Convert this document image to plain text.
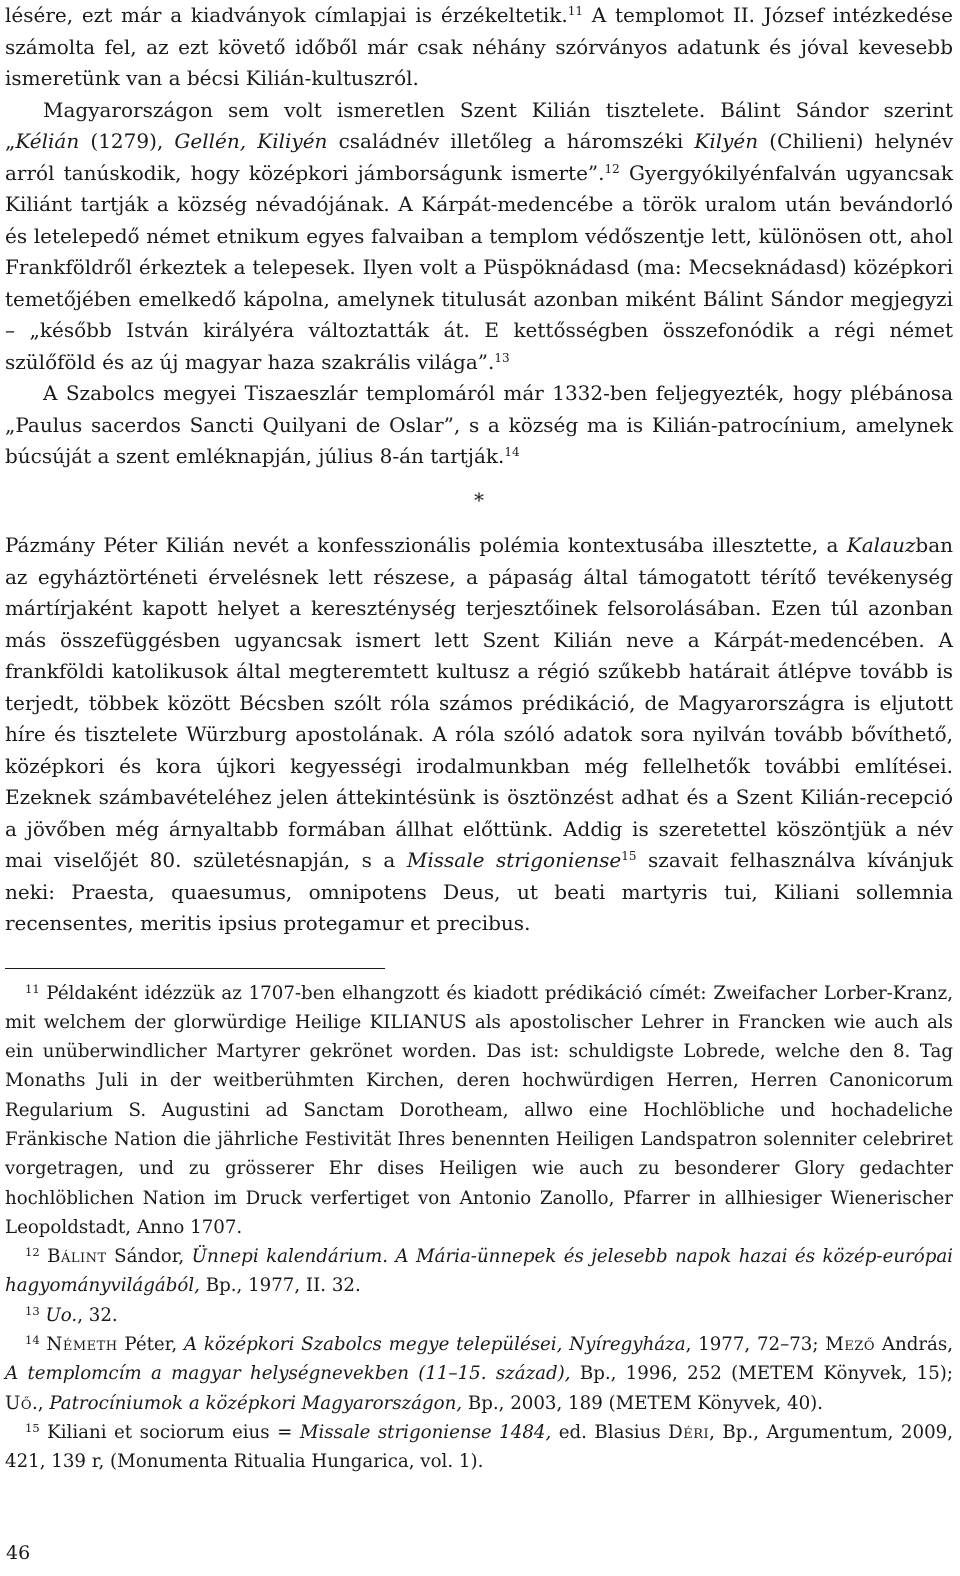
lésére, ezt már a kiadványok címlapjai is érzékeltetik.$^{11}$ A templomot II. József intézkedése számolta fel, az ezt követő időből már csak néhány szórványos adatunk és jóval kevesebb ismeretünk van a bécsi Kilián-kultuszról.

Magyarországon sem volt ismeretlen Szent Kilián tisztelete. Bálint Sándor szerint „Kélián (1279), Gellén, Kiliyén családnév illetőleg a háromszéki Kilyén (Chilieni) helynév arról tanúskodik, hogy középkori jámborságunk ismerte”.$^{12}$ Gyergyókilyénfalván ugyancsak Kiliánt tartják a község névadójának. A Kárpát-medencébe a török uralom után bevándorló és letelepedő német etnikum egyes falvaiban a templom védőszentje lett, különösen ott, ahol Frankföldről érkeztek a telepesek. Ilyen volt a Püspöknádasd (ma: Mecseknádasd) középkori temetőjében emelkedő kápolna, amelynek titulusát azonban miként Bálint Sándor megjegyzi – „később István királyéra változtatták át. E kettősségben összefonódik a régi német szülőföld és az új magyar haza szakrális világa”.$^{13}$

A Szabolcs megyei Tiszaeszlár templomáról már 1332-ben feljegyezték, hogy plébánosa „Paulus sacerdos Sancti Quilyani de Oslar”, s a község ma is Kilián-patrocínium, amelynek búcsúját a szent emléknapján, július 8-án tartják.$^{14}$

*

Pázmány Péter Kilián nevét a konfesszionális polémia kontextusába illesztette, a Kalauzban az egyháztörténeti érvelésnek lett részese, a pápaság által támogatott térítő tevékenység mártírjaként kapott helyet a kereszténység terjesztőinek felsorolásában. Ezen túl azonban más összefüggésben ugyancsak ismert lett Szent Kilián neve a Kárpát-medencében. A frankföldi katolikusok által megteremtett kultusz a régió szűkebb határait átlépve tovább is terjedt, többek között Bécsben szólt róla számos prédikáció, de Magyarországra is eljutott híre és tisztelete Würzburg apostolának. A róla szóló adatok sora nyilván tovább bővíthető, középkori és kora újkori kegyességi irodalmunkban még fellelhetők további említései. Ezeknek számbavételéhez jelen áttekintésünk is ösztönzést adhat és a Szent Kilián-recepció a jövőben még árnyaltabb formában állhat előttünk. Addig is szeretettel köszöntjük a név mai viselőjét 80. születésnapján, s a Missale strigoniense$^{15}$ szavait felhasználva kívánjuk neki: Praesta, quaesumus, omnipotens Deus, ut beati martyris tui, Kiliani sollemnia recensentes, meritis ipsius protegamur et precibus.

$^{11}$ Példaként idézzük az 1707-ben elhangzott és kiadott prédikáció címét: Zweifacher Lorber-Kranz, mit welchem der glorwürdige Heilige KILIANUS als apostolischer Lehrer in Francken wie auch als ein unüberwindlicher Martyrer gekrönet worden. Das ist: schuldigste Lobrede, welche den 8. Tag Monaths Juli in der weitberühmten Kirchen, deren hochwürdigen Herren, Herren Canonicorum Regularium S. Augustini ad Sanctam Dorotheam, allwo eine Hochlöbliche und hochadeliche Fränkische Nation die jährliche Festivität Ihres benennten Heiligen Landspatron solenniter celebriret vorgetragen, und zu grösserer Ehr dises Heiligen wie auch zu besonderer Glory gedachter hochlöblichen Nation im Druck verfertiget von Antonio Zanollo, Pfarrer in allhiesiger Wienerischer Leopoldstadt, Anno 1707.

$^{12}$ Bálint Sándor, Ünnepi kalendárium. A Mária-ünnepek és jelesebb napok hazai és közép-európai hagyományvilágából, Bp., 1977, II. 32.

$^{13}$ Uo., 32.

$^{14}$ Németh Péter, A középkori Szabolcs megye települései, Nyíregyháza, 1977, 72–73; Mező András, A templomcím a magyar helységnevekben (11–15. század), Bp., 1996, 252 (METEM Könyvek, 15); Uő., Patrocíniumok a középkori Magyarországon, Bp., 2003, 189 (METEM Könyvek, 40).

$^{15}$ Kiliani et sociorum eius = Missale strigoniense 1484, ed. Blasius Déri, Bp., Argumentum, 2009, 421, 139 r, (Monumenta Ritualia Hungarica, vol. 1).

46
